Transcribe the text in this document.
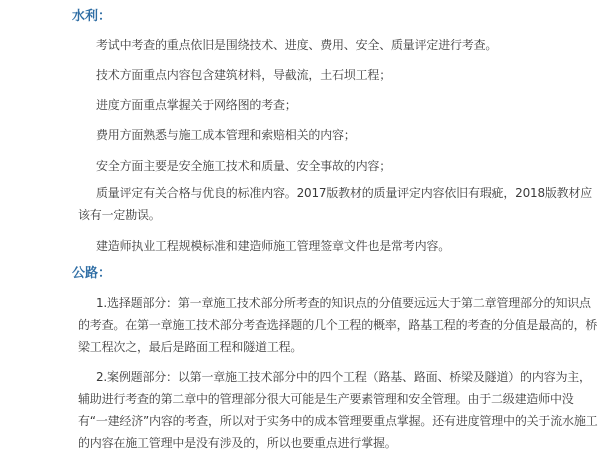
水利：
考试中考查的重点依旧是围绕技术、进度、费用、安全、质量评定进行考查。
技术方面重点内容包含建筑材料，导截流，土石坝工程；
进度方面重点掌握关于网络图的考查；
费用方面熟悉与施工成本管理和索赔相关的内容；
安全方面主要是安全施工技术和质量、安全事故的内容；
质量评定有关合格与优良的标准内容。2017版教材的质量评定内容依旧有瑕疵，2018版教材应该有一定勘误。
建造师执业工程规模标准和建造师施工管理签章文件也是常考内容。
公路：
1.选择题部分：第一章施工技术部分所考查的知识点的分值要远远大于第二章管理部分的知识点的考查。在第一章施工技术部分考查选择题的几个工程的概率，路基工程的考查的分值是最高的，桥梁工程次之，最后是路面工程和隧道工程。
2.案例题部分：以第一章施工技术部分中的四个工程（路基、路面、桥梁及隧道）的内容为主，辅助进行考查的第二章中的管理部分很大可能是生产要素管理和安全管理。由于二级建造师中没有“一建经济”内容的考查，所以对于实务中的成本管理要重点掌握。还有进度管理中的关于流水施工的内容在施工管理中是没有涉及的，所以也要重点进行掌握。
